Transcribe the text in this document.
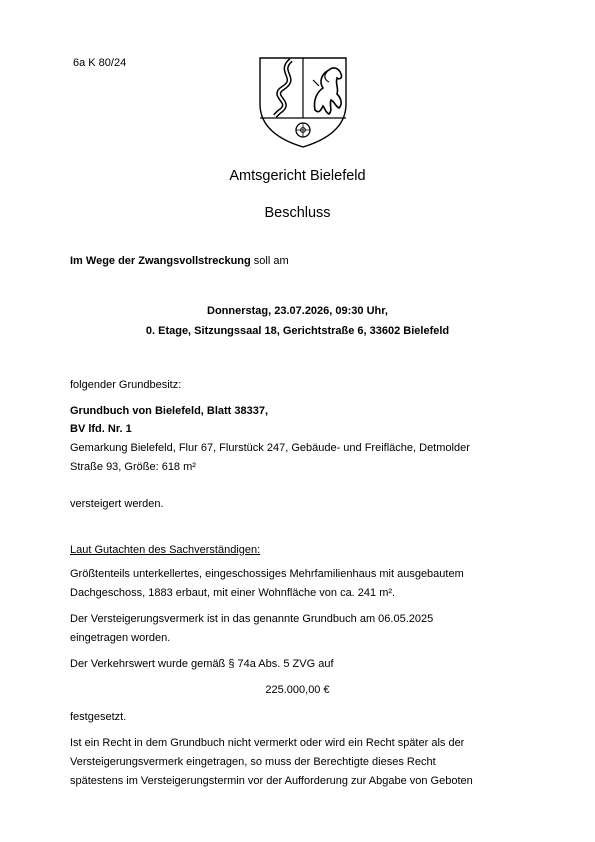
6a K 80/24
Amtsgericht Bielefeld
Beschluss
Im Wege der Zwangsvollstreckung soll am
Donnerstag, 23.07.2026, 09:30 Uhr,
0. Etage, Sitzungssaal 18, Gerichtstraße 6, 33602 Bielefeld
folgender Grundbesitz:
Grundbuch von Bielefeld, Blatt 38337,
BV lfd. Nr. 1
Gemarkung Bielefeld, Flur 67, Flurstück 247, Gebäude- und Freifläche, Detmolder
Straße 93, Größe: 618 m²
versteigert werden.
Laut Gutachten des Sachverständigen:
Größtenteils unterkellertes, eingeschossiges Mehrfamilienhaus mit ausgebautem
Dachgeschoss, 1883 erbaut, mit einer Wohnfläche von ca. 241 m².
Der Versteigerungsvermerk ist in das genannte Grundbuch am 06.05.2025
eingetragen worden.
Der Verkehrswert wurde gemäß § 74a Abs. 5 ZVG auf
225.000,00 €
festgesetzt.
Ist ein Recht in dem Grundbuch nicht vermerkt oder wird ein Recht später als der
Versteigerungsvermerk eingetragen, so muss der Berechtigte dieses Recht
spätestens im Versteigerungstermin vor der Aufforderung zur Abgabe von Geboten
